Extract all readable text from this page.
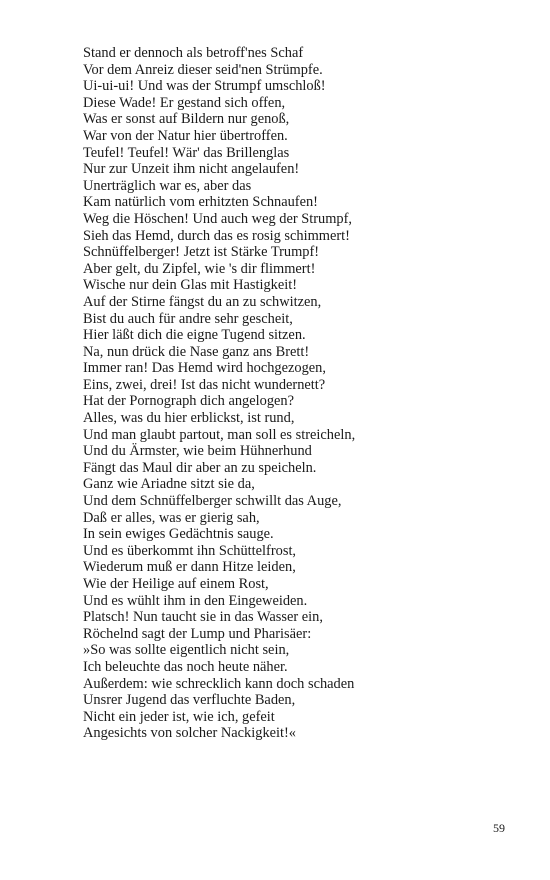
Stand er dennoch als betroff'nes Schaf
Vor dem Anreiz dieser seid'nen Strümpfe.
Ui-ui-ui! Und was der Strumpf umschloß!
Diese Wade! Er gestand sich offen,
Was er sonst auf Bildern nur genoß,
War von der Natur hier übertroffen.
Teufel! Teufel! Wär' das Brillenglas
Nur zur Unzeit ihm nicht angelaufen!
Unerträglich war es, aber das
Kam natürlich vom erhitzten Schnaufen!
Weg die Höschen! Und auch weg der Strumpf,
Sieh das Hemd, durch das es rosig schimmert!
Schnüffelberger! Jetzt ist Stärke Trumpf!
Aber gelt, du Zipfel, wie 's dir flimmert!
Wische nur dein Glas mit Hastigkeit!
Auf der Stirne fängst du an zu schwitzen,
Bist du auch für andre sehr gescheit,
Hier läßt dich die eigne Tugend sitzen.
Na, nun drück die Nase ganz ans Brett!
Immer ran! Das Hemd wird hochgezogen,
Eins, zwei, drei! Ist das nicht wundernett?
Hat der Pornograph dich angelogen?
Alles, was du hier erblickst, ist rund,
Und man glaubt partout, man soll es streicheln,
Und du Ärmster, wie beim Hühnerhund
Fängt das Maul dir aber an zu speicheln.
Ganz wie Ariadne sitzt sie da,
Und dem Schnüffelberger schwillt das Auge,
Daß er alles, was er gierig sah,
In sein ewiges Gedächtnis sauge.
Und es überkommt ihn Schüttelfrost,
Wiederum muß er dann Hitze leiden,
Wie der Heilige auf einem Rost,
Und es wühlt ihm in den Eingeweiden.
Platsch! Nun taucht sie in das Wasser ein,
Röchelnd sagt der Lump und Pharisäer:
»So was sollte eigentlich nicht sein,
Ich beleuchte das noch heute näher.
Außerdem: wie schrecklich kann doch schaden
Unsrer Jugend das verfluchte Baden,
Nicht ein jeder ist, wie ich, gefeit
Angesichts von solcher Nackigkeit!«
59
